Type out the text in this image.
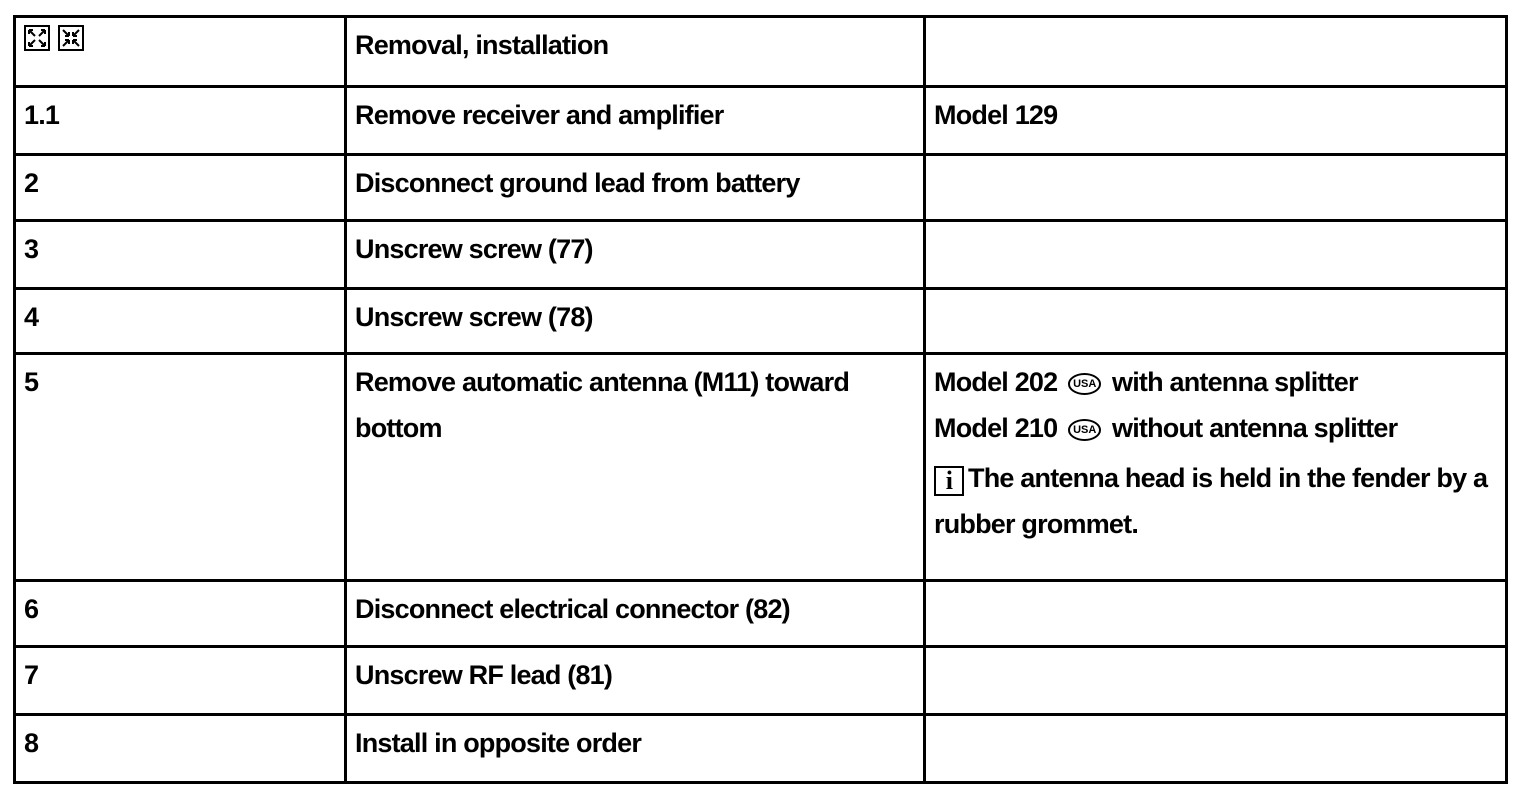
	Removal, installation	
1.1	Remove receiver and amplifier	Model 129
2	Disconnect ground lead from battery	
3	Unscrew screw (77)	
4	Unscrew screw (78)	
5	Remove automatic antenna (M11) toward bottom	Model 202 USA with antenna splitter
Model 210 USA without antenna splitter
i The antenna head is held in the fender by a rubber grommet.

6	Disconnect electrical connector (82)	
7	Unscrew RF lead (81)	
8	Install in opposite order	
